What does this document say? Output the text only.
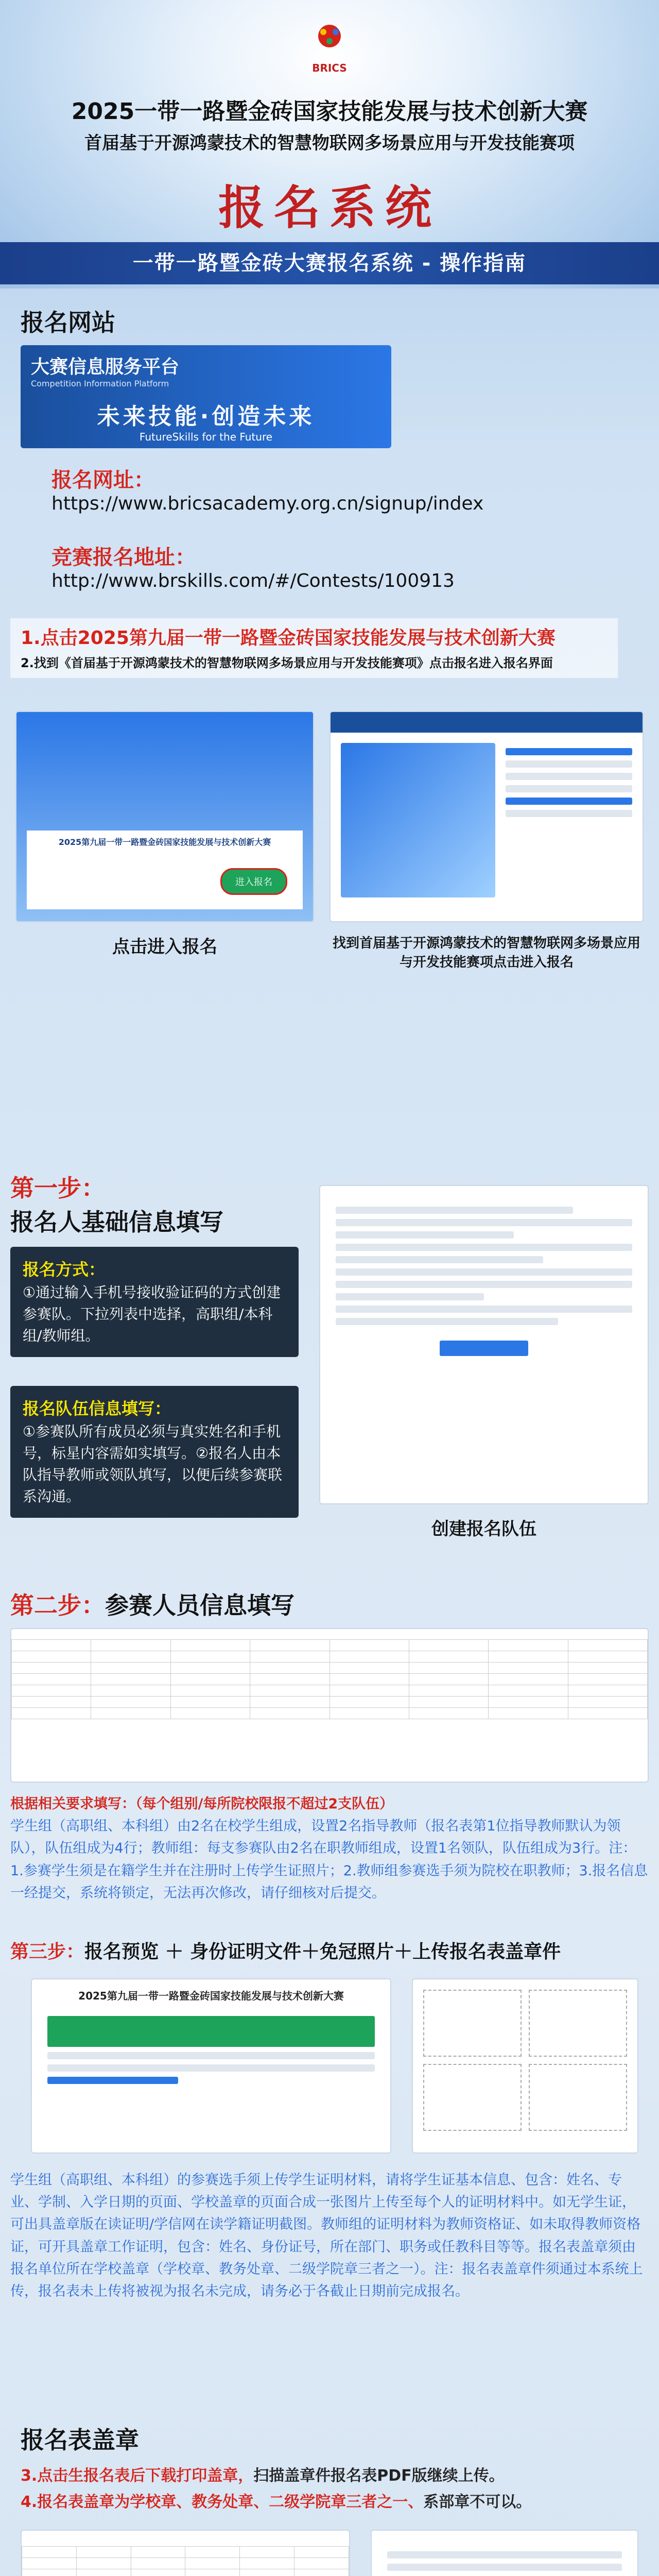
BRICS
2025一带一路暨金砖国家技能发展与技术创新大赛
首届基于开源鸿蒙技术的智慧物联网多场景应用与开发技能赛项
报名系统
一带一路暨金砖大赛报名系统 - 操作指南
报名网站
大赛信息服务平台
Competition Information Platform
未来技能·创造未来
FutureSkills for the Future
报名网址：
https://www.bricsacademy.org.cn/signup/index
竞赛报名地址：
http://www.brskills.com/#/Contests/100913
1.点击2025第九届一带一路暨金砖国家技能发展与技术创新大赛
2.找到《首届基于开源鸿蒙技术的智慧物联网多场景应用与开发技能赛项》点击报名进入报名界面
2025第九届一带一路暨金砖国家技能发展与技术创新大赛
进入报名
点击进入报名	找到首届基于开源鸿蒙技术的智慧物联网多场景应用与开发技能赛项点击进入报名
第一步：
报名人基础信息填写
报名方式：
①通过输入手机号接收验证码的方式创建参赛队。下拉列表中选择，高职组/本科组/教师组。
报名队伍信息填写：
①参赛队所有成员必须与真实姓名和手机号，标星内容需如实填写。②报名人由本队指导教师或领队填写，以便后续参赛联系沟通。
创建报名队伍
第二步：参赛人员信息填写

根据相关要求填写：（每个组别/每所院校限报不超过2支队伍）
学生组（高职组、本科组）由2名在校学生组成，设置2名指导教师（报名表第1位指导教师默认为领队），队伍组成为4行；教师组：每支参赛队由2名在职教师组成，设置1名领队，队伍组成为3行。注：1.参赛学生须是在籍学生并在注册时上传学生证照片；2.教师组参赛选手须为院校在职教师；3.报名信息一经提交，系统将锁定，无法再次修改，请仔细核对后提交。
第三步：报名预览 ＋ 身份证明文件＋免冠照片＋上传报名表盖章件
2025第九届一带一路暨金砖国家技能发展与技术创新大赛
学生组（高职组、本科组）的参赛选手须上传学生证明材料，请将学生证基本信息、包含：姓名、专业、学制、入学日期的页面、学校盖章的页面合成一张图片上传至每个人的证明材料中。如无学生证，可出具盖章版在读证明/学信网在读学籍证明截图。教师组的证明材料为教师资格证、如未取得教师资格证，可开具盖章工作证明，包含：姓名、身份证号，所在部门、职务或任教科目等等。报名表盖章须由报名单位所在学校盖章（学校章、教务处章、二级学院章三者之一）。注：报名表盖章件须通过本系统上传，报名表未上传将被视为报名未完成，请务必于各截止日期前完成报名。
报名表盖章
3.点击生报名表后下载打印盖章，扫描盖章件报名表PDF版继续上传。
4.报名表盖章为学校章、教务处章、二级学院章三者之一、系部章不可以。
